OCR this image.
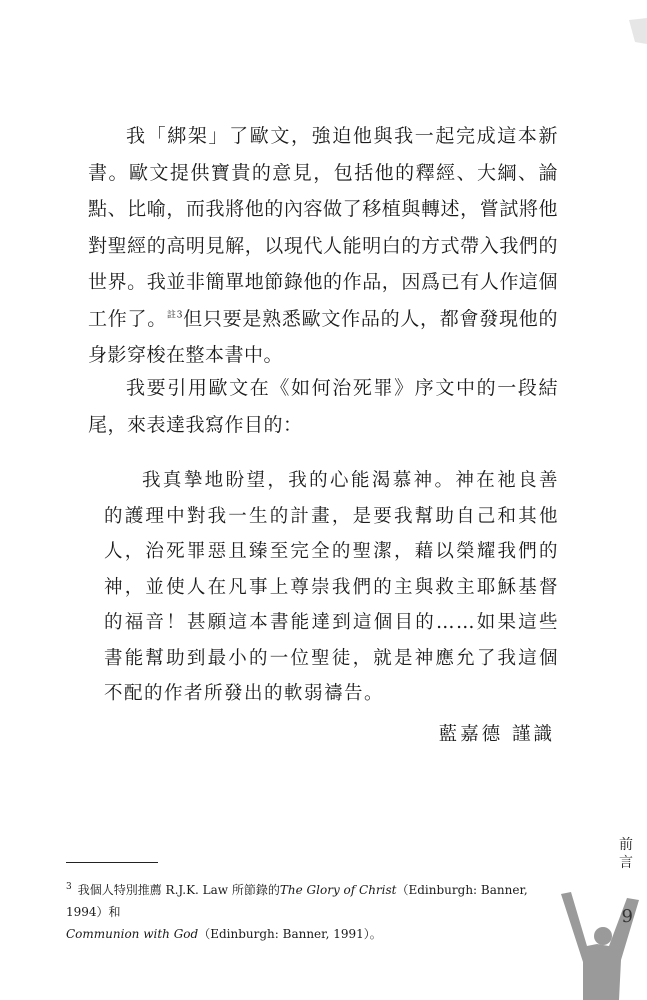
我「綁架」了歐文，強迫他與我一起完成這本新書。歐文提供寶貴的意見，包括他的釋經、大綱、論點、比喻，而我將他的內容做了移植與轉述，嘗試將他對聖經的高明見解，以現代人能明白的方式帶入我們的世界。我並非簡單地節錄他的作品，因爲已有人作這個工作了。$^{註3}$但只要是熟悉歐文作品的人，都會發現他的身影穿梭在整本書中。

我要引用歐文在《如何治死罪》序文中的一段結尾，來表達我寫作目的：

我真摯地盼望，我的心能渴慕神。神在祂良善的護理中對我一生的計畫，是要我幫助自己和其他人，治死罪惡且臻至完全的聖潔，藉以榮耀我們的神，並使人在凡事上尊崇我們的主與救主耶穌基督的福音！甚願這本書能達到這個目的……如果這些書能幫助到最小的一位聖徒，就是神應允了我這個不配的作者所發出的軟弱禱告。

藍嘉德 謹識

$^3$ 我個人特別推薦 R.J.K. Law 所節錄的The Glory of Christ（Edinburgh: Banner, 1994）和
Communion with God（Edinburgh: Banner, 1991）。

前言
9
